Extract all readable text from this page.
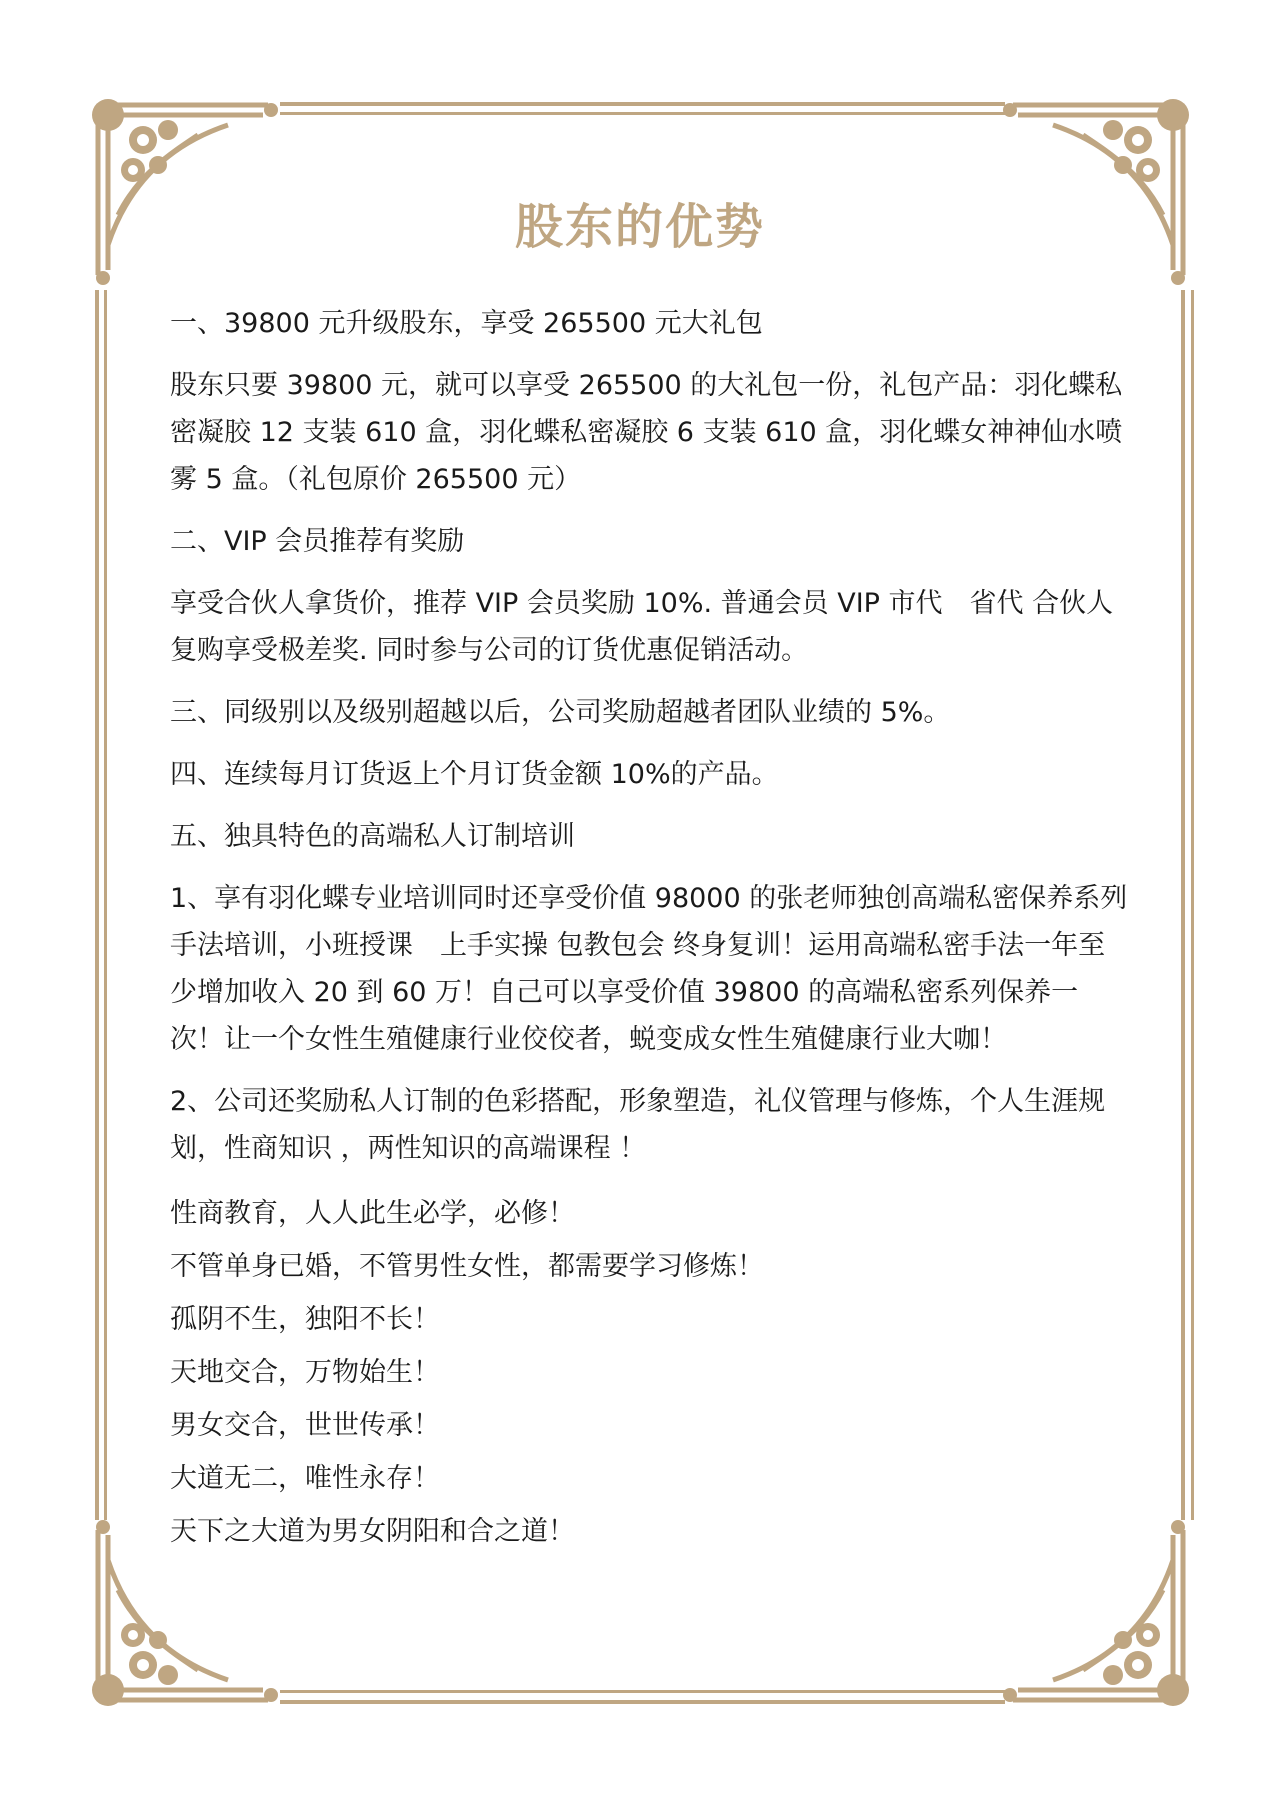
股东的优势

一、39800 元升级股东，享受 265500 元大礼包

股东只要 39800 元，就可以享受 265500 的大礼包一份，礼包产品：羽化蝶私密凝胶 12 支装 610 盒，羽化蝶私密凝胶 6 支装 610 盒，羽化蝶女神神仙水喷雾 5 盒。（礼包原价 265500 元）

二、VIP 会员推荐有奖励

享受合伙人拿货价，推荐 VIP 会员奖励 10%. 普通会员 VIP 市代　省代 合伙人复购享受极差奖. 同时参与公司的订货优惠促销活动。

三、同级别以及级别超越以后，公司奖励超越者团队业绩的 5%。

四、连续每月订货返上个月订货金额 10%的产品。

五、独具特色的高端私人订制培训

1、享有羽化蝶专业培训同时还享受价值 98000 的张老师独创高端私密保养系列手法培训，小班授课　上手实操 包教包会 终身复训！运用高端私密手法一年至少增加收入 20 到 60 万！自己可以享受价值 39800 的高端私密系列保养一次！让一个女性生殖健康行业佼佼者，蜕变成女性生殖健康行业大咖！

2、公司还奖励私人订制的色彩搭配，形象塑造，礼仪管理与修炼，个人生涯规划，性商知识 ，两性知识的高端课程 ！

性商教育，人人此生必学，必修！

不管单身已婚，不管男性女性，都需要学习修炼！

孤阴不生，独阳不长！

天地交合，万物始生！

男女交合，世世传承！

大道无二，唯性永存！

天下之大道为男女阴阳和合之道！
